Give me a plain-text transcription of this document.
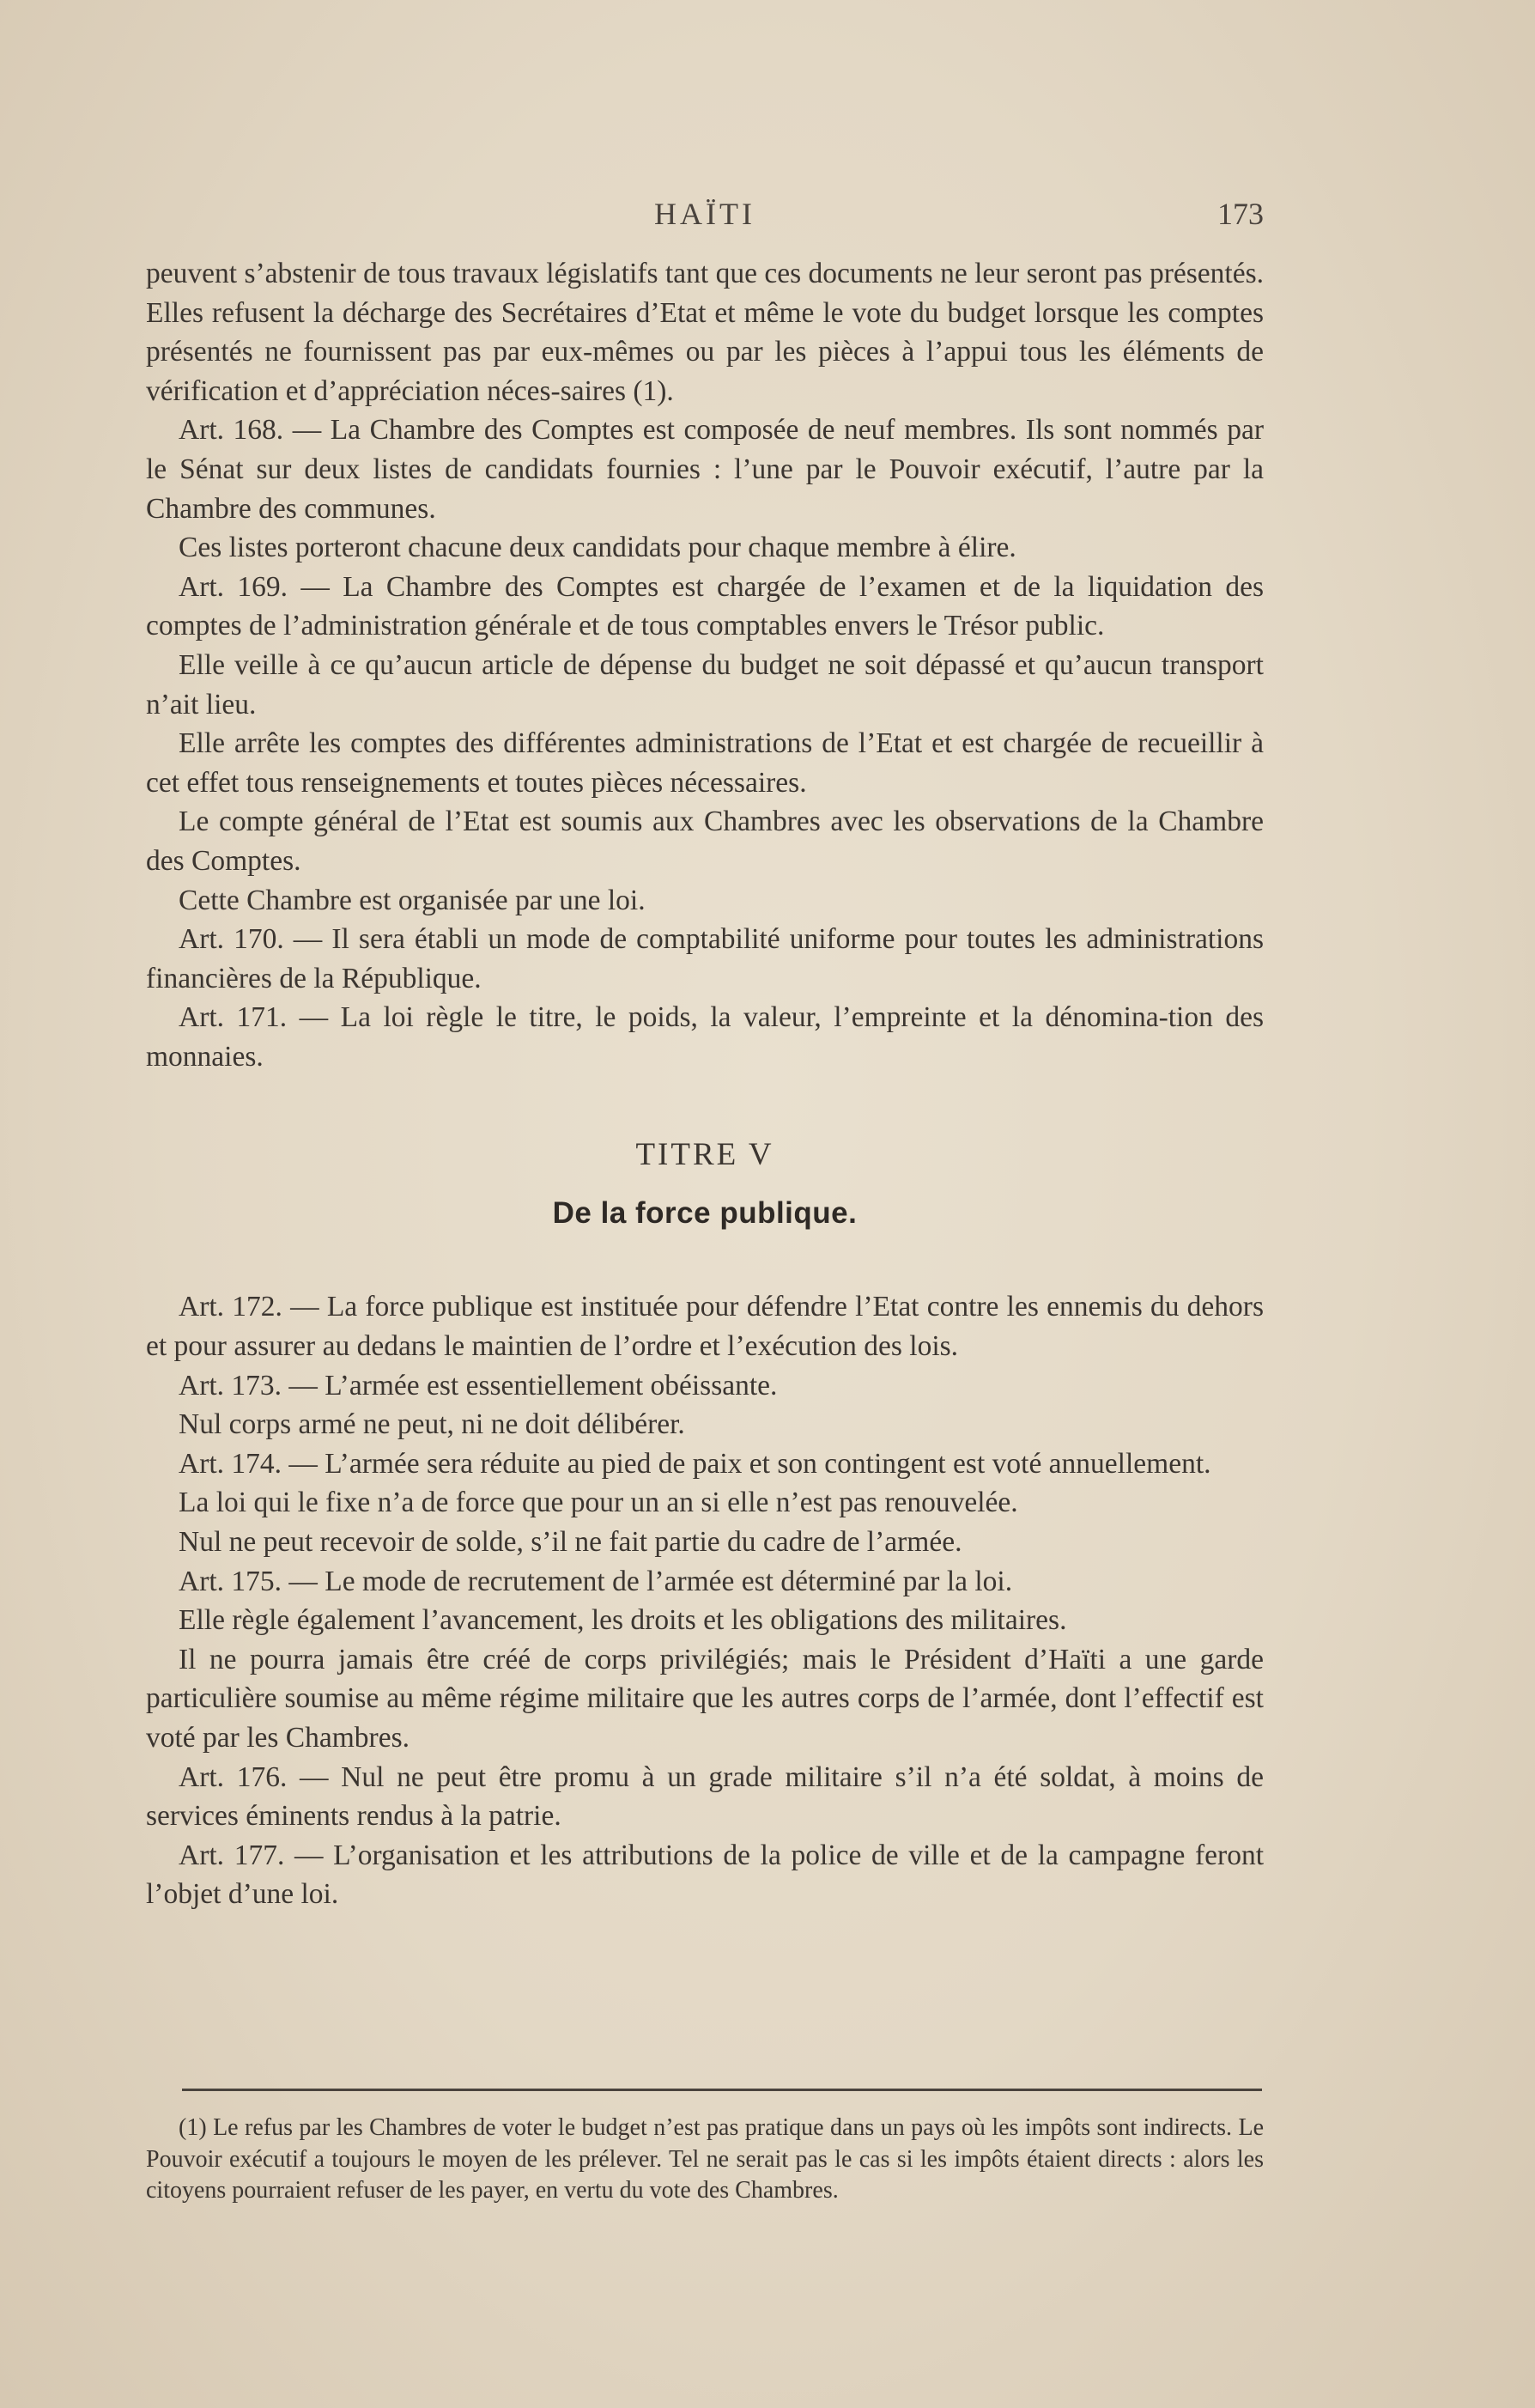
HAÏTI	173

peuvent s’abstenir de tous travaux législatifs tant que ces documents ne leur seront pas présentés. Elles refusent la décharge des Secrétaires d’Etat et même le vote du budget lorsque les comptes présentés ne fournissent pas par eux-mêmes ou par les pièces à l’appui tous les éléments de vérification et d’appréciation néces-saires (1).

Art. 168. — La Chambre des Comptes est composée de neuf membres. Ils sont nommés par le Sénat sur deux listes de candidats fournies : l’une par le Pouvoir exécutif, l’autre par la Chambre des communes.

Ces listes porteront chacune deux candidats pour chaque membre à élire.

Art. 169. — La Chambre des Comptes est chargée de l’examen et de la liquidation des comptes de l’administration générale et de tous comptables envers le Trésor public.

Elle veille à ce qu’aucun article de dépense du budget ne soit dépassé et qu’aucun transport n’ait lieu.

Elle arrête les comptes des différentes administrations de l’Etat et est chargée de recueillir à cet effet tous renseignements et toutes pièces nécessaires.

Le compte général de l’Etat est soumis aux Chambres avec les observations de la Chambre des Comptes.

Cette Chambre est organisée par une loi.

Art. 170. — Il sera établi un mode de comptabilité uniforme pour toutes les administrations financières de la République.

Art. 171. — La loi règle le titre, le poids, la valeur, l’empreinte et la dénomina-tion des monnaies.

TITRE V
De la force publique.

Art. 172. — La force publique est instituée pour défendre l’Etat contre les ennemis du dehors et pour assurer au dedans le maintien de l’ordre et l’exécution des lois.

Art. 173. — L’armée est essentiellement obéissante.

Nul corps armé ne peut, ni ne doit délibérer.

Art. 174. — L’armée sera réduite au pied de paix et son contingent est voté annuellement.

La loi qui le fixe n’a de force que pour un an si elle n’est pas renouvelée.

Nul ne peut recevoir de solde, s’il ne fait partie du cadre de l’armée.

Art. 175. — Le mode de recrutement de l’armée est déterminé par la loi.

Elle règle également l’avancement, les droits et les obligations des militaires.

Il ne pourra jamais être créé de corps privilégiés; mais le Président d’Haïti a une garde particulière soumise au même régime militaire que les autres corps de l’armée, dont l’effectif est voté par les Chambres.

Art. 176. — Nul ne peut être promu à un grade militaire s’il n’a été soldat, à moins de services éminents rendus à la patrie.

Art. 177. — L’organisation et les attributions de la police de ville et de la campagne feront l’objet d’une loi.

(1) Le refus par les Chambres de voter le budget n’est pas pratique dans un pays où les impôts sont indirects. Le Pouvoir exécutif a toujours le moyen de les prélever. Tel ne serait pas le cas si les impôts étaient directs : alors les citoyens pourraient refuser de les payer, en vertu du vote des Chambres.
